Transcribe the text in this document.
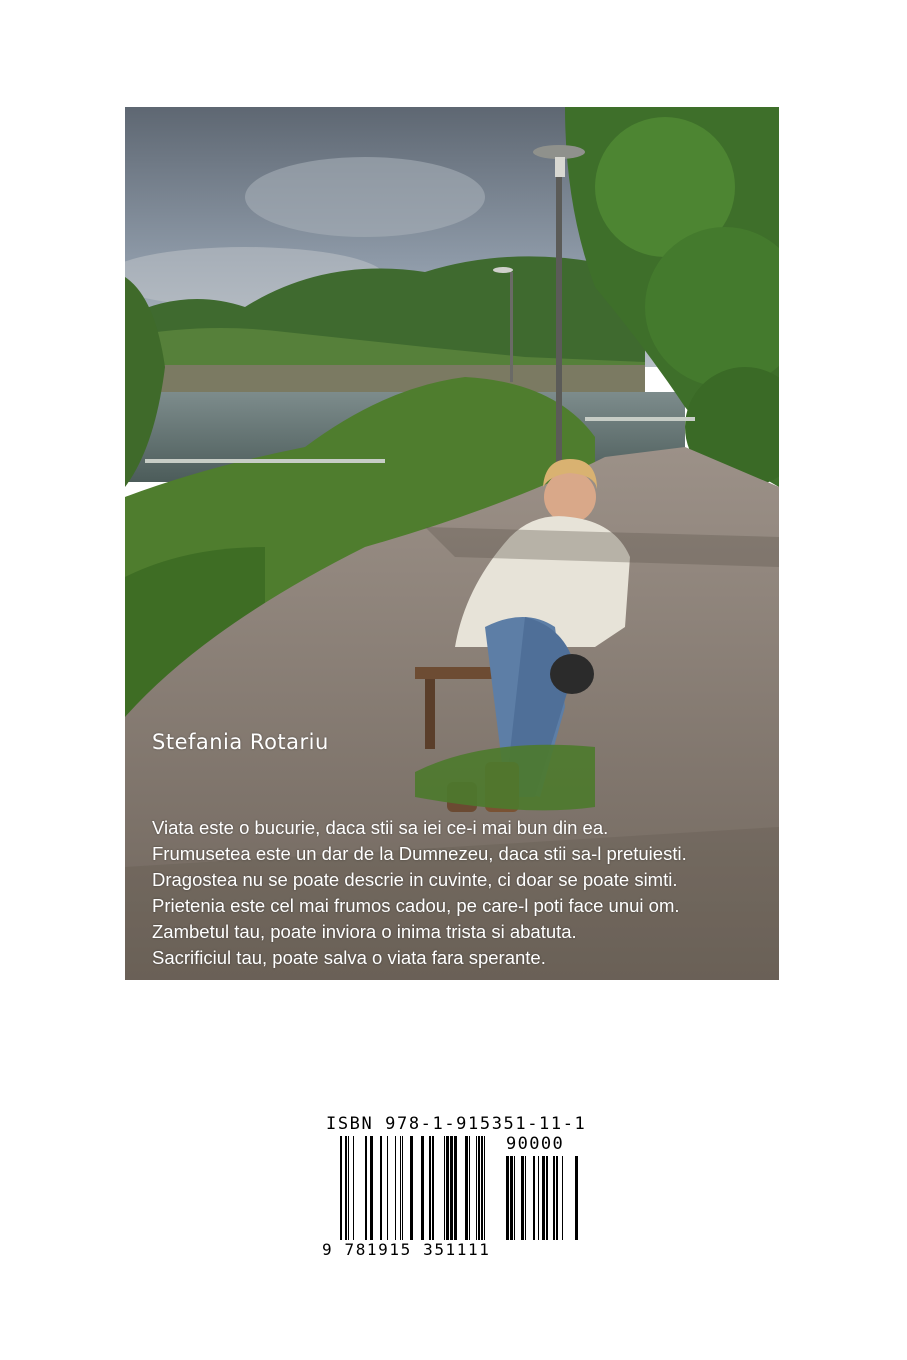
Stefania Rotariu
Viata este o bucurie, daca stii sa iei ce-i mai bun din ea.
Frumusetea este un dar de la Dumnezeu, daca stii sa-l pretuiesti.
Dragostea nu se poate descrie in cuvinte, ci doar se poate simti.
Prietenia este cel mai frumos cadou, pe care-l poti face unui om.
Zambetul tau, poate inviora o inima trista si abatuta.
Sacrificiul tau, poate salva o viata fara sperante.
ISBN 978-1-915351-11-1
90000
9 781915 351111
